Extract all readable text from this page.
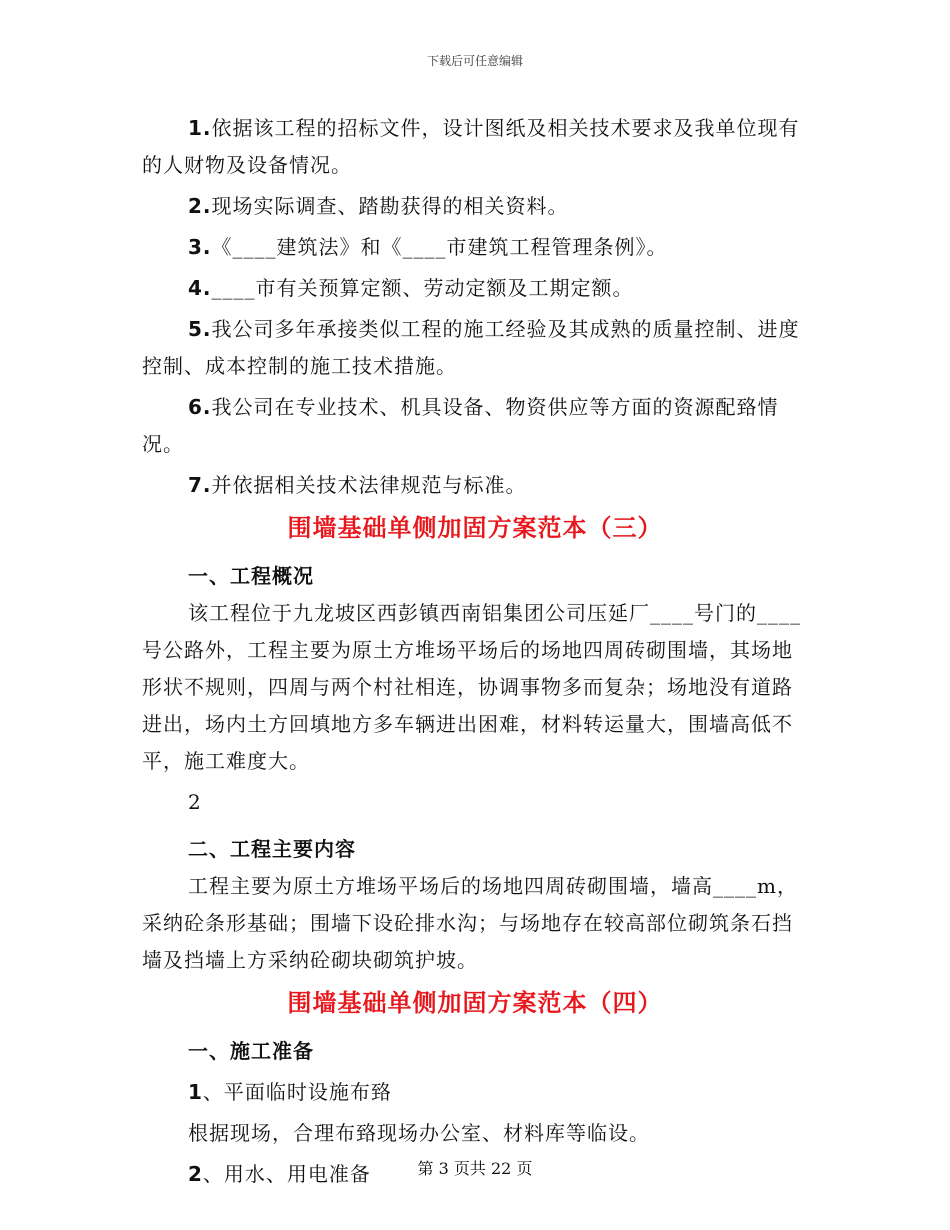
下载后可任意编辑

1.依据该工程的招标文件，设计图纸及相关技术要求及我单位现有的人财物及设备情况。

2.现场实际调查、踏勘获得的相关资料。

3.《____建筑法》和《____市建筑工程管理条例》。

4.____市有关预算定额、劳动定额及工期定额。

5.我公司多年承接类似工程的施工经验及其成熟的质量控制、进度控制、成本控制的施工技术措施。

6.我公司在专业技术、机具设备、物资供应等方面的资源配臵情况。

7.并依据相关技术法律规范与标准。

围墙基础单侧加固方案范本（三）
一、工程概况

该工程位于九龙坡区西彭镇西南铝集团公司压延厂____号门的____号公路外，工程主要为原土方堆场平场后的场地四周砖砌围墙，其场地形状不规则，四周与两个村社相连，协调事物多而复杂；场地没有道路进出，场内土方回填地方多车辆进出困难，材料转运量大，围墙高低不平，施工难度大。

2

二、工程主要内容

工程主要为原土方堆场平场后的场地四周砖砌围墙，墙高____m，采纳砼条形基础；围墙下设砼排水沟；与场地存在较高部位砌筑条石挡墙及挡墙上方采纳砼砌块砌筑护坡。

围墙基础单侧加固方案范本（四）
一、施工准备

1、平面临时设施布臵

根据现场，合理布臵现场办公室、材料库等临设。

2、用水、用电准备	第 3 页共 22 页
